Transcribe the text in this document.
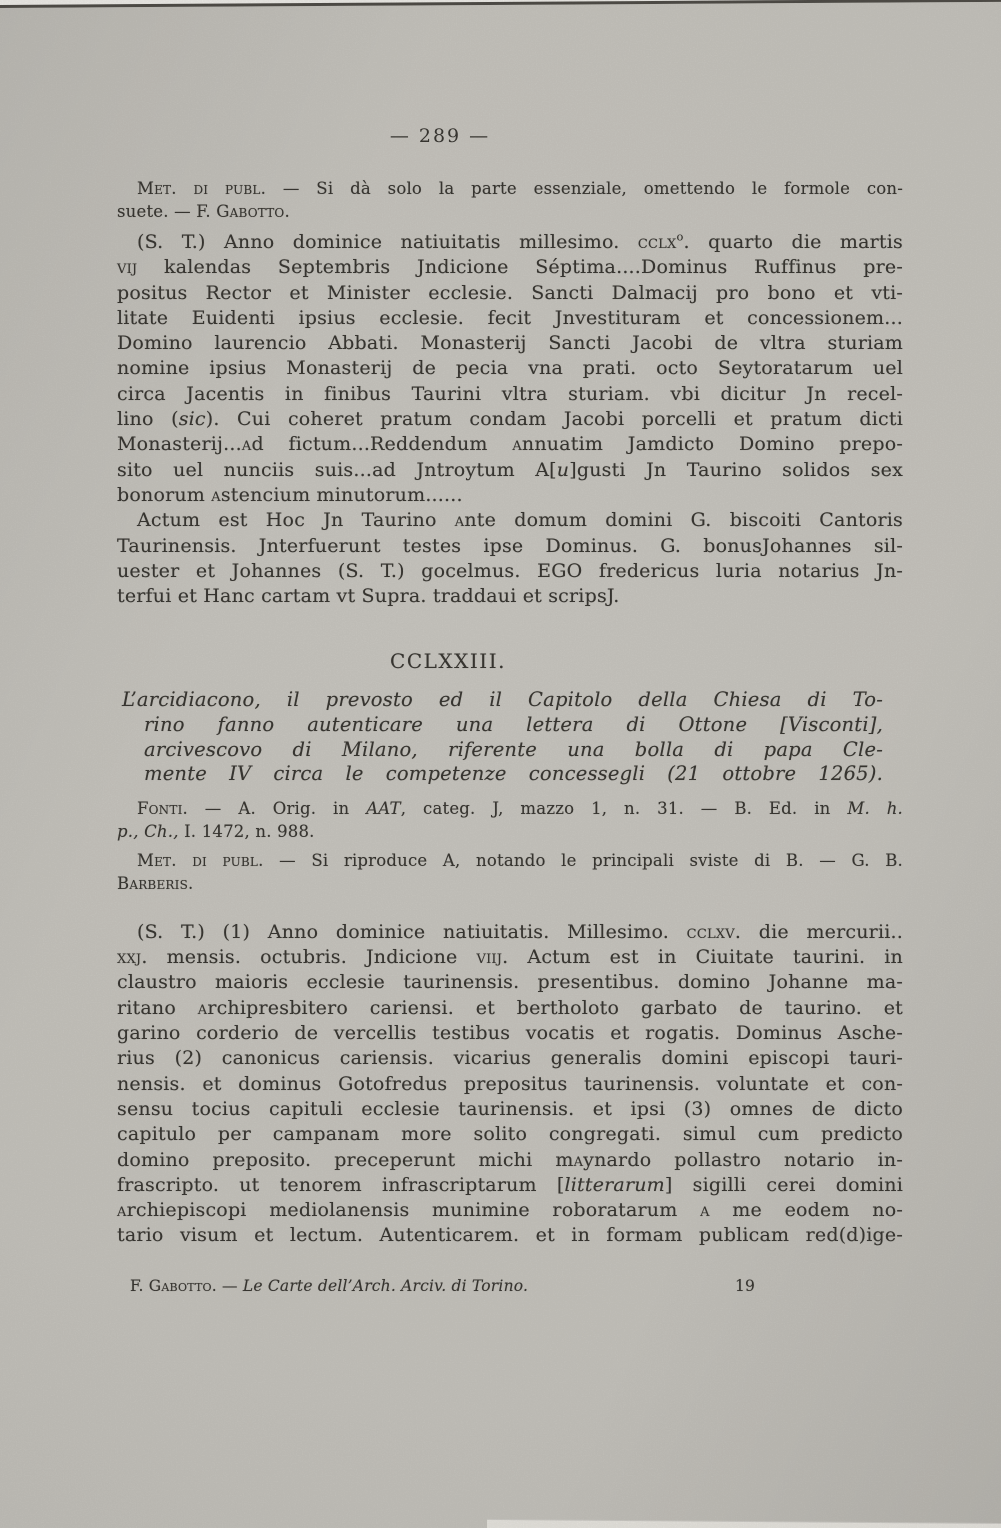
— 289 —
Met. di publ. — Si dà solo la parte essenziale, omettendo le formole con-
suete. — F. Gabotto.
(S. T.) Anno dominice natiuitatis millesimo. cclx$^o$. quarto die martis
vij kalendas Septembris Jndicione Séptima....Dominus Ruffinus pre-
positus Rector et Minister ecclesie. Sancti Dalmacij pro bono et vti-
litate Euidenti ipsius ecclesie. fecit Jnvestituram et concessionem...
Domino laurencio Abbati. Monasterij Sancti Jacobi de vltra sturiam
nomine ipsius Monasterij de pecia vna prati. octo Seytoratarum uel
circa Jacentis in finibus Taurini vltra sturiam. vbi dicitur Jn recel-
lino (sic). Cui coheret pratum condam Jacobi porcelli et pratum dicti
Monasterij...ad fictum...Reddendum annuatim Jamdicto Domino prepo-
sito uel nunciis suis...ad Jntroytum A[u]gusti Jn Taurino solidos sex
bonorum astencium minutorum......
Actum est Hoc Jn Taurino ante domum domini G. biscoiti Cantoris
Taurinensis. Jnterfuerunt testes ipse Dominus. G. bonusJohannes sil-
uester et Johannes (S. T.) gocelmus. EGO fredericus luria notarius Jn-
terfui et Hanc cartam vt Supra. traddaui et scripsJ.
CCLXXIII.
L’arcidiacono, il prevosto ed il Capitolo della Chiesa di To-
rino fanno autenticare una lettera di Ottone [Visconti],
arcivescovo di Milano, riferente una bolla di papa Cle-
mente IV circa le competenze concessegli (21 ottobre 1265).
Fonti. — A. Orig. in AAT, categ. J, mazzo 1, n. 31. — B. Ed. in M. h.
p., Ch., I. 1472, n. 988.
Met. di publ. — Si riproduce A, notando le principali sviste di B. — G. B.
Barberis.
(S. T.) (1) Anno dominice natiuitatis. Millesimo. cclxv. die mercurii..
xxj. mensis. octubris. Jndicione viij. Actum est in Ciuitate taurini. in
claustro maioris ecclesie taurinensis. presentibus. domino Johanne ma-
ritano archipresbitero cariensi. et bertholoto garbato de taurino. et
garino corderio de vercellis testibus vocatis et rogatis. Dominus Asche-
rius (2) canonicus cariensis. vicarius generalis domini episcopi tauri-
nensis. et dominus Gotofredus prepositus taurinensis. voluntate et con-
sensu tocius capituli ecclesie taurinensis. et ipsi (3) omnes de dicto
capitulo per campanam more solito congregati. simul cum predicto
domino preposito. preceperunt michi maynardo pollastro notario in-
frascripto. ut tenorem infrascriptarum [litterarum] sigilli cerei domini
archiepiscopi mediolanensis munimine roboratarum a me eodem no-
tario visum et lectum. Autenticarem. et in formam publicam red(d)ige-
F. Gabotto. — Le Carte dell’Arch. Arciv. di Torino.	19
